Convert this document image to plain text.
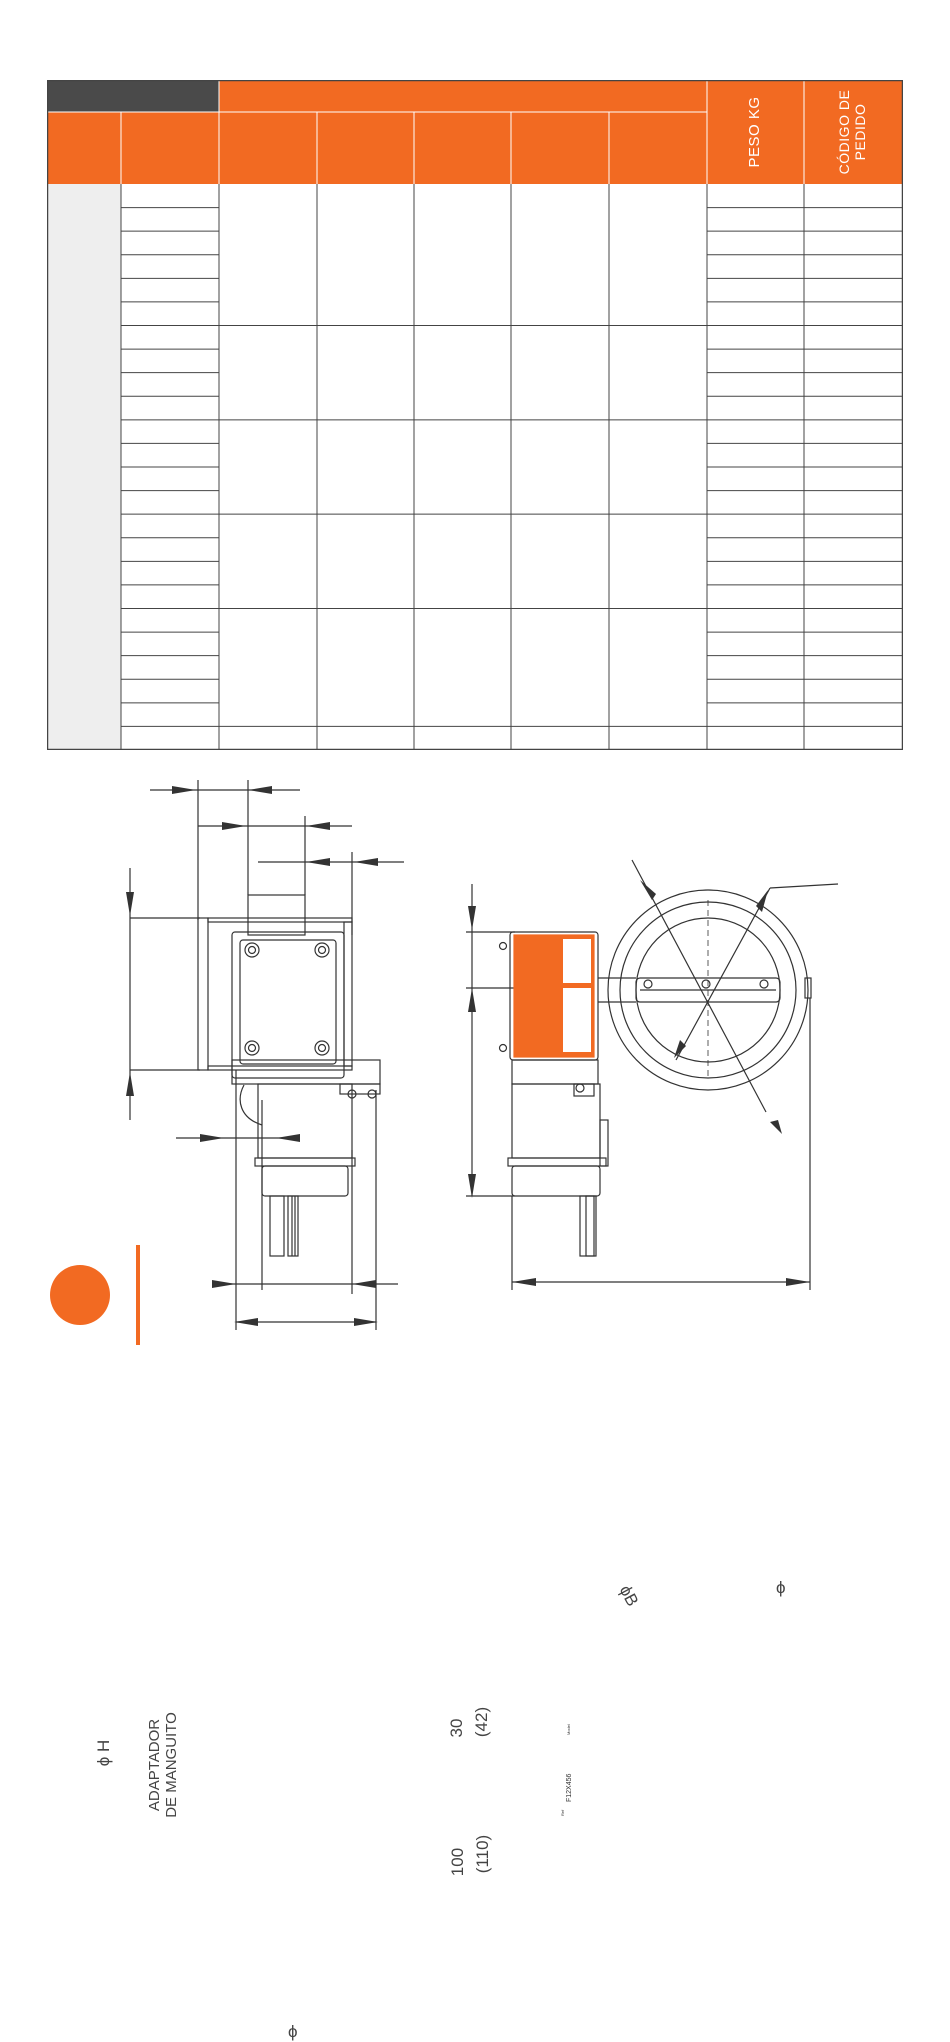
PESO KG	CÓDIGO DE
PEDIDO
ϕ H	ADAPTADOR
DE MANGUITO
ϕ
30 (42)
100 (110)
ϕB	ϕ
wyndhampage
www.wyndhampage.com DD10 8, RH12 4PS, UK T: +44 1202 714600	F12X456
Model
Ref
